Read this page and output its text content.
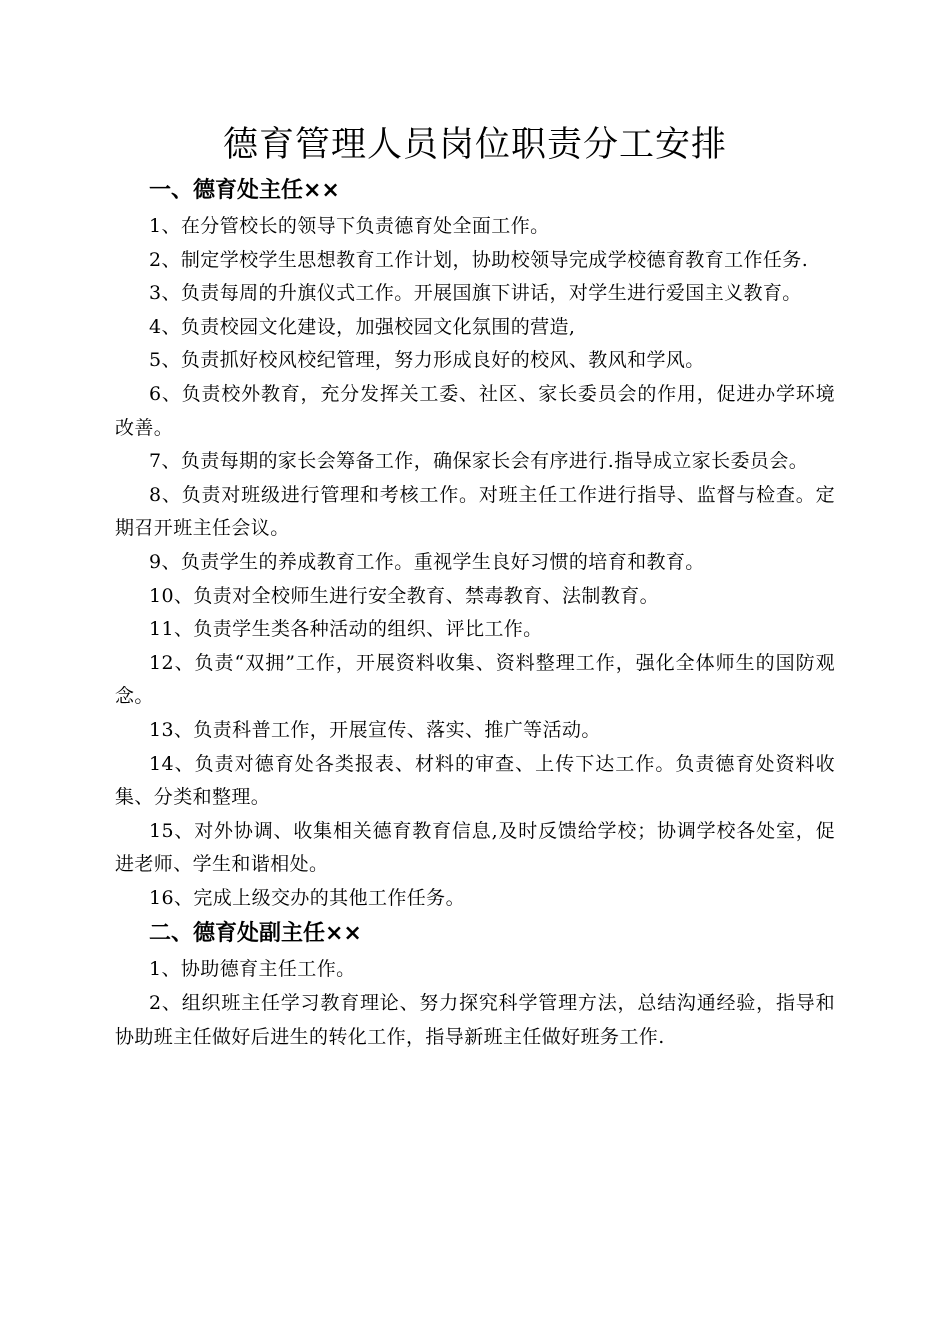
德育管理人员岗位职责分工安排
一、德育处主任××
1、在分管校长的领导下负责德育处全面工作。
2、制定学校学生思想教育工作计划，协助校领导完成学校德育教育工作任务.
3、负责每周的升旗仪式工作。开展国旗下讲话，对学生进行爱国主义教育。
4、负责校园文化建设，加强校园文化氛围的营造,
5、负责抓好校风校纪管理，努力形成良好的校风、教风和学风。
6、负责校外教育，充分发挥关工委、社区、家长委员会的作用，促进办学环境改善。
7、负责每期的家长会筹备工作，确保家长会有序进行.指导成立家长委员会。
8、负责对班级进行管理和考核工作。对班主任工作进行指导、监督与检查。定期召开班主任会议。
9、负责学生的养成教育工作。重视学生良好习惯的培育和教育。
10、负责对全校师生进行安全教育、禁毒教育、法制教育。
11、负责学生类各种活动的组织、评比工作。
12、负责“双拥”工作，开展资料收集、资料整理工作，强化全体师生的国防观念。
13、负责科普工作，开展宣传、落实、推广等活动。
14、负责对德育处各类报表、材料的审查、上传下达工作。负责德育处资料收集、分类和整理。
15、对外协调、收集相关德育教育信息,及时反馈给学校；协调学校各处室，促进老师、学生和谐相处。
16、完成上级交办的其他工作任务。
二、德育处副主任××
1、协助德育主任工作。
2、组织班主任学习教育理论、努力探究科学管理方法，总结沟通经验，指导和协助班主任做好后进生的转化工作，指导新班主任做好班务工作.
